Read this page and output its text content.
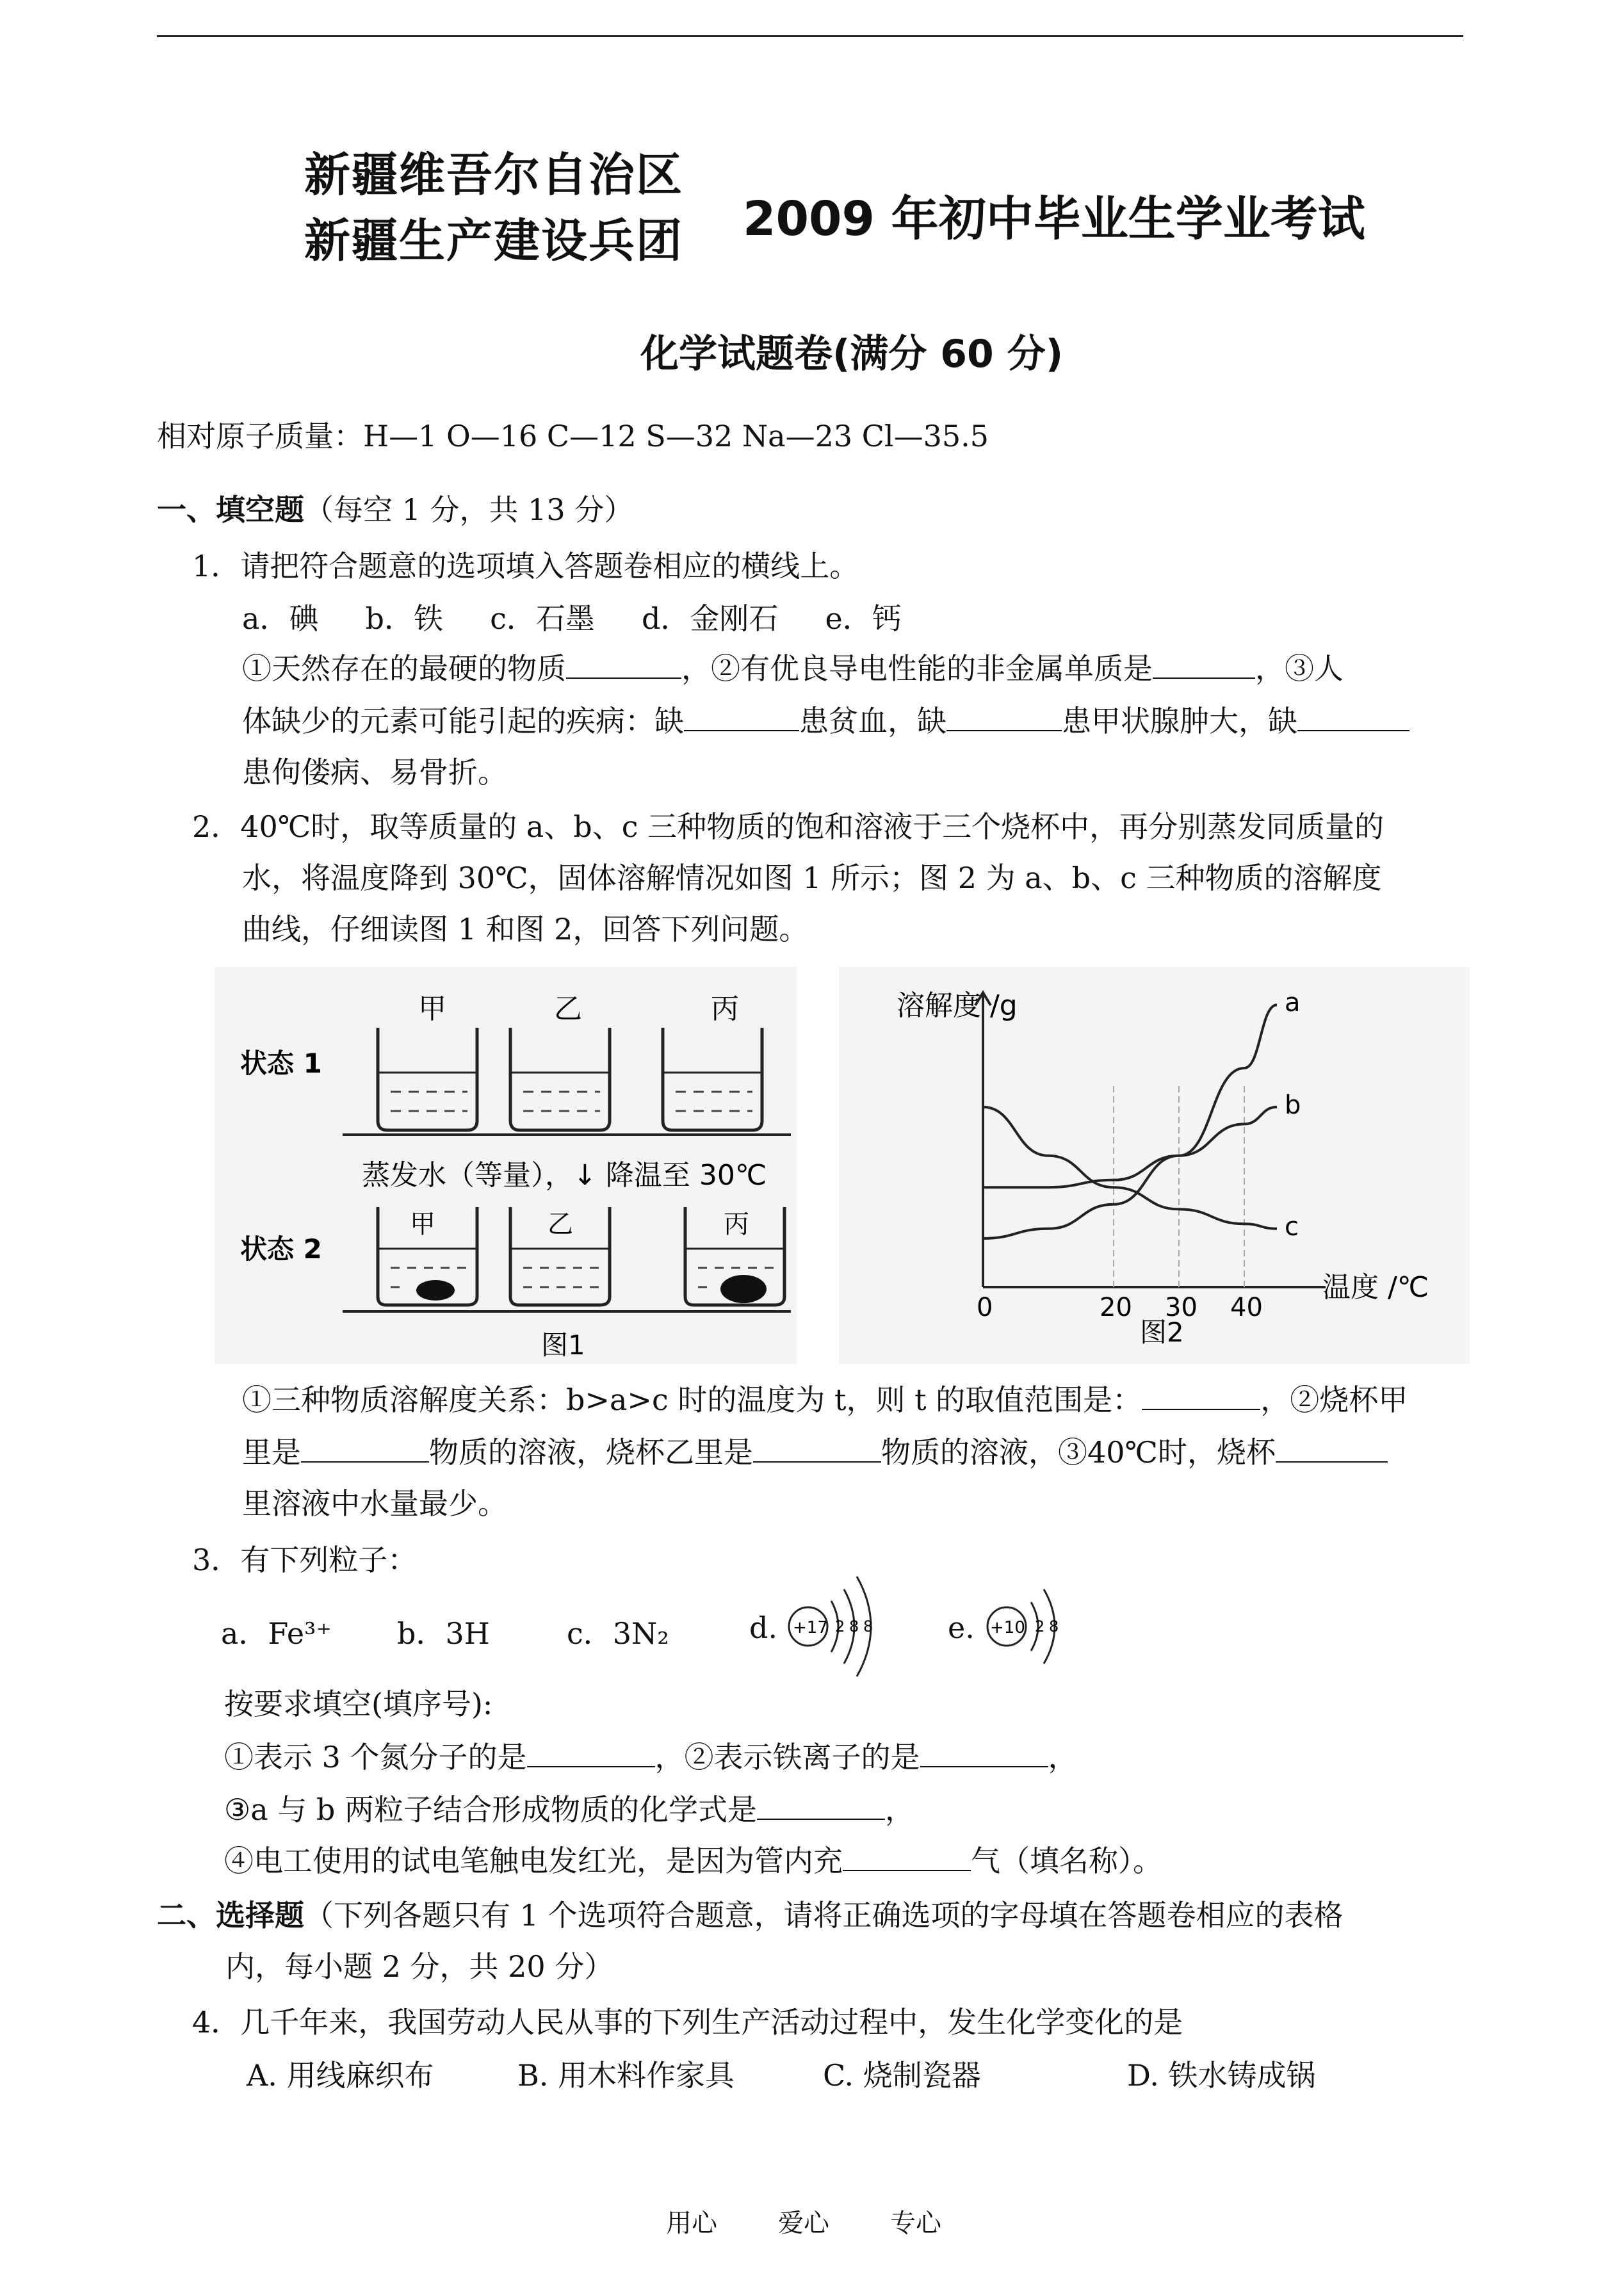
新疆维吾尔自治区
新疆生产建设兵团 2009 年初中毕业生学业考试
化学试题卷(满分 60 分)
相对原子质量：H—1 O—16 C—12 S—32 Na—23 Cl—35.5
一、填空题（每空 1 分，共 13 分）
1．请把符合题意的选项填入答题卷相应的横线上。
a．碘     b．铁     c．石墨     d．金刚石     e．钙
①天然存在的最硬的物质	，②有优良导电性能的非金属单质是	，③人
体缺少的元素可能引起的疾病：缺	患贫血，缺	患甲状腺肿大，缺
患佝偻病、易骨折。
2．40℃时，取等质量的 a、b、c 三种物质的饱和溶液于三个烧杯中，再分别蒸发同质量的
水，将温度降到 30℃，固体溶解情况如图 1 所示；图 2 为 a、b、c 三种物质的溶解度
曲线，仔细读图 1 和图 2，回答下列问题。
甲	乙	丙
状态 1
蒸发水（等量），↓ 降温至 30℃
状态 2
甲	乙	丙
图1
溶解度 /g
0	20 30 40
a
b
c
温度 /℃
图2
①三种物质溶解度关系：b>a>c 时的温度为 t，则 t 的取值范围是：	，②烧杯甲
里是	物质的溶液，烧杯乙里是	物质的溶液，③40℃时，烧杯
里溶液中水量最少。
3．有下列粒子：
a．Fe³⁺ b．3H	c．3N₂	d. +17 2 8 8	e. +10 2 8
按要求填空(填序号):
①表示 3 个氮分子的是	，②表示铁离子的是	，
③a 与 b 两粒子结合形成物质的化学式是	，
④电工使用的试电笔触电发红光，是因为管内充	气（填名称）。
二、选择题（下列各题只有 1 个选项符合题意，请将正确选项的字母填在答题卷相应的表格
内，每小题 2 分，共 20 分）
4．几千年来，我国劳动人民从事的下列生产活动过程中，发生化学变化的是
A. 用线麻织布	B. 用木料作家具	C. 烧制瓷器	D. 铁水铸成锅
用心 爱心 专心
